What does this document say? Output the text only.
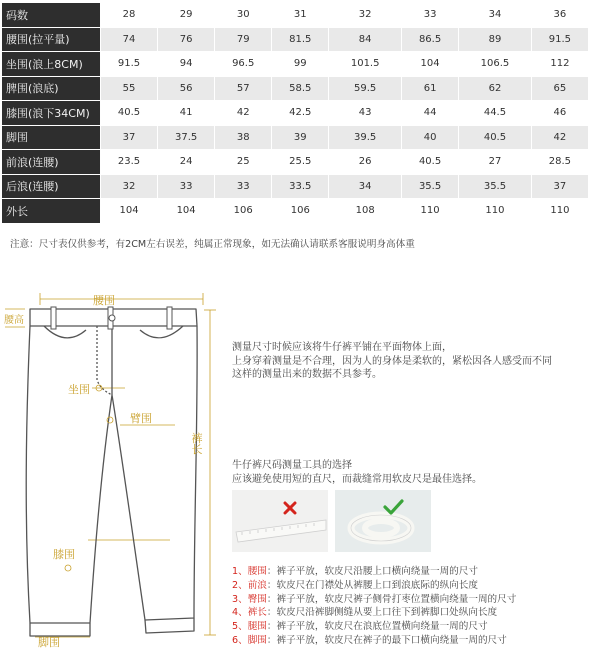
码数	28	29	30	31	32	33	34	36
腰围(拉平量)	74	76	79	81.5	84	86.5	89	91.5
坐围(浪上8CM)	91.5	94	96.5	99	101.5	104	106.5	112
脾围(浪底)	55	56	57	58.5	59.5	61	62	65
膝围(浪下34CM)	40.5	41	42	42.5	43	44	44.5	46
脚围	37	37.5	38	39	39.5	40	40.5	42
前浪(连腰)	23.5	24	25	25.5	26	40.5	27	28.5
后浪(连腰)	32	33	33	33.5	34	35.5	35.5	37
外长	104	104	106	106	108	110	110	110
注意：尺寸表仅供参考，有2CM左右误差，纯属正常现象，如无法确认请联系客服说明身高体重
腰围
腰高
坐围
臂围
裤长
膝围
脚围

测量尺寸时候应该将牛仔裤平铺在平面物体上面，

上身穿着测量是不合理，因为人的身体是柔软的，紧松因各人感受而不同

这样的测量出来的数据不具参考。

牛仔裤尺码测量工具的选择

应该避免使用短的直尺，而裁缝常用软皮尺是最佳选择。

1、腰围：裤子平放，软皮尺沿腰上口横向绕量一周的尺寸
2、前浪：软皮尺在门襟处从裤腰上口到浪底际的纵向长度
3、臀围：裤子平放，软皮尺裤子侧骨打枣位置横向绕量一周的尺寸
4、裤长：软皮尺沿裤脚侧缝从要上口往下到裤脚口处纵向长度
5、腿围：裤子平放，软皮尺在浪底位置横向绕量一周的尺寸
6、脚围：裤子平放，软皮尺在裤子的最下口横向绕量一周的尺寸
